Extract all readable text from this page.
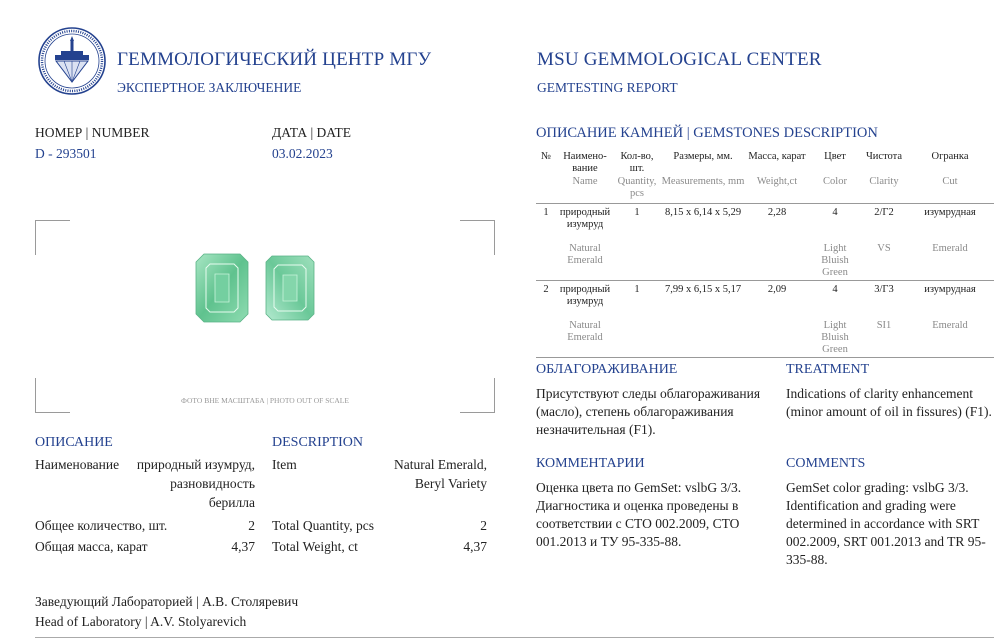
ГЕММОЛОГИЧЕСКИЙ ЦЕНТР МГУ
ЭКСПЕРТНОЕ ЗАКЛЮЧЕНИЕ
MSU GEMMOLOGICAL CENTER
GEMTESTING REPORT
НОМЕР | NUMBER
D - 293501
ДАТА | DATE
03.02.2023
ФОТО ВНЕ МАСШТАБА | PHOTO OUT OF SCALE
ОПИСАНИЕ	DESCRIPTION
Наименование	природный изумруд,
разновидность
берилла
Item	Natural Emerald,
Beryl Variety
Общее количество, шт.	2 Total Quantity, pcs	2
Общая масса, карат	4,37 Total Weight, ct	4,37
Заведующий Лабораторией | А.В. Столяревич
Head of Laboratory | A.V. Stolyarevich
ОПИСАНИЕ КАМНЕЙ | GEMSTONES DESCRIPTION
№	Наимено-вание	Кол-во, шт.	Размеры, мм.	Масса, карат	Цвет	Чистота	Огранка
	Name	Quantity, pcs	Measurements, mm	Weight,ct	Color	Clarity	Cut
1	природный изумруд	1	8,15 x 6,14 x 5,29	2,28	4	2/Г2	изумрудная
	Natural Emerald				Light Bluish Green	VS	Emerald
2	природный изумруд	1	7,99 x 6,15 x 5,17	2,09	4	3/Г3	изумрудная
	Natural Emerald				Light Bluish Green	SI1	Emerald
ОБЛАГОРАЖИВАНИЕ
Присутствуют следы облагораживания (масло), степень облагораживания незначительная (F1).
TREATMENT
Indications of clarity enhancement (minor amount of oil in fissures) (F1).
КОММЕНТАРИИ
Оценка цвета по GemSet: vslbG 3/3. Диагностика и оценка проведены в соответствии с СТО 002.2009, СТО 001.2013 и ТУ 95-335-88.
COMMENTS
GemSet color grading: vslbG 3/3. Identification and grading were determined in accordance with SRT 002.2009, SRT 001.2013 and TR 95-335-88.
